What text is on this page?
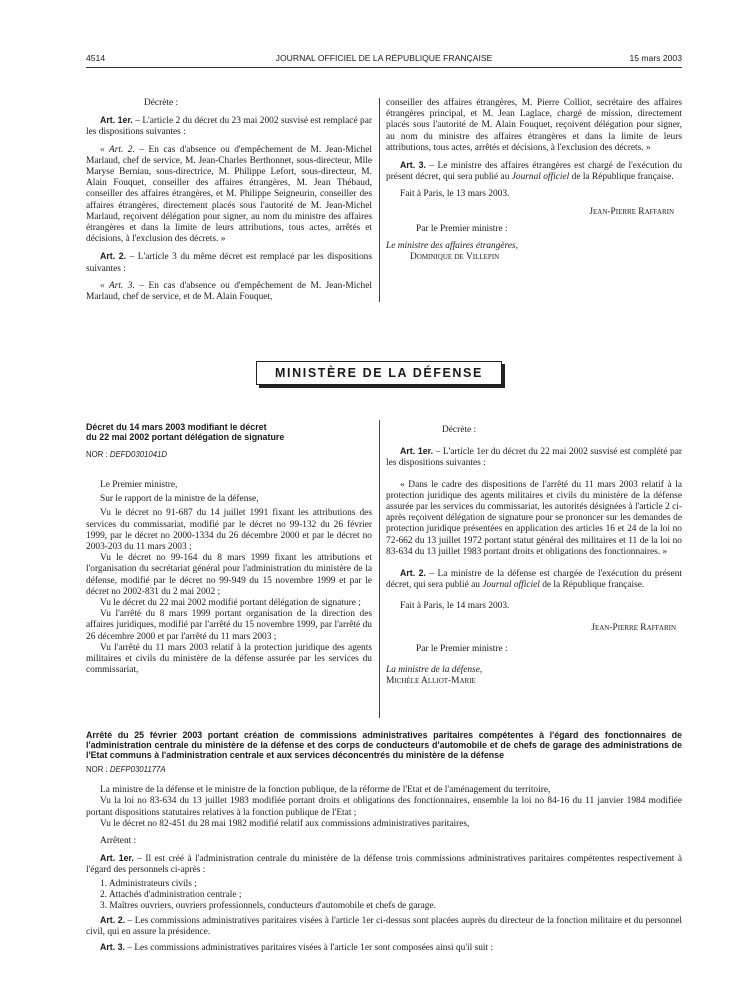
4514	JOURNAL OFFICIEL DE LA RÉPUBLIQUE FRANÇAISE	15 mars 2003

Décrète :

Art. 1er. – L'article 2 du décret du 23 mai 2002 susvisé est remplacé par les dispositions suivantes :

« Art. 2. – En cas d'absence ou d'empêchement de M. Jean-Michel Marlaud, chef de service, M. Jean-Charles Berthonnet, sous-directeur, Mlle Maryse Berniau, sous-directrice, M. Philippe Lefort, sous-directeur, M. Alain Fouquet, conseiller des affaires étrangères, M. Jean Thébaud, conseiller des affaires étrangères, et M. Philippe Seigneurin, conseiller des affaires étrangères, directement placés sous l'autorité de M. Jean-Michel Marlaud, reçoivent délégation pour signer, au nom du ministre des affaires étrangères et dans la limite de leurs attributions, tous actes, arrêtés et décisions, à l'exclusion des décrets. »

Art. 2. – L'article 3 du même décret est remplacé par les dispositions suivantes :

« Art. 3. – En cas d'absence ou d'empêchement de M. Jean-Michel Marlaud, chef de service, et de M. Alain Fouquet,

conseiller des affaires étrangères, M. Pierre Colliot, secrétaire des affaires étrangères principal, et M. Jean Laglace, chargé de mission, directement placés sous l'autorité de M. Alain Fouquet, reçoivent délégation pour signer, au nom du ministre des affaires étrangères et dans la limite de leurs attributions, tous actes, arrêtés et décisions, à l'exclusion des décrets. »

Art. 3. – Le ministre des affaires étrangères est chargé de l'exécution du présent décret, qui sera publié au Journal officiel de la République française.

Fait à Paris, le 13 mars 2003.

Jean-Pierre Raffarin

Par le Premier ministre :

Le ministre des affaires étrangères,

Dominique de Villepin

MINISTÈRE DE LA DÉFENSE

Décret du 14 mars 2003 modifiant le décret

du 22 mai 2002 portant délégation de signature

NOR : DEFD0301041D

Le Premier ministre,

Sur le rapport de la ministre de la défense,

Vu le décret no 91-687 du 14 juillet 1991 fixant les attributions des services du commissariat, modifié par le décret no 99-132 du 26 février 1999, par le décret no 2000-1334 du 26 décembre 2000 et par le décret no 2003-203 du 11 mars 2003 ;

Vu le décret no 99-164 du 8 mars 1999 fixant les attributions et l'organisation du secrétariat général pour l'administration du ministère de la défense, modifié par le décret no 99-949 du 15 novembre 1999 et par le décret no 2002-831 du 2 mai 2002 ;

Vu le décret du 22 mai 2002 modifié portant délégation de signature ;

Vu l'arrêté du 8 mars 1999 portant organisation de la direction des affaires juridiques, modifié par l'arrêté du 15 novembre 1999, par l'arrêté du 26 décembre 2000 et par l'arrêté du 11 mars 2003 ;

Vu l'arrêté du 11 mars 2003 relatif à la protection juridique des agents militaires et civils du ministère de la défense assurée par les services du commissariat,

Décrète :

Art. 1er. – L'article 1er du décret du 22 mai 2002 susvisé est complété par les dispositions suivantes :

« Dans le cadre des dispositions de l'arrêté du 11 mars 2003 relatif à la protection juridique des agents militaires et civils du ministère de la défense assurée par les services du commissariat, les autorités désignées à l'article 2 ci-après reçoivent délégation de signature pour se prononcer sur les demandes de protection juridique présentées en application des articles 16 et 24 de la loi no 72-662 du 13 juillet 1972 portant statut général des militaires et 11 de la loi no 83-634 du 13 juillet 1983 portant droits et obligations des fonctionnaires. »

Art. 2. – La ministre de la défense est chargée de l'exécution du présent décret, qui sera publié au Journal officiel de la République française.

Fait à Paris, le 14 mars 2003.

Jean-Pierre Raffarin

Par le Premier ministre :

La ministre de la défense,

Michèle Alliot-Marie

Arrêté du 25 février 2003 portant création de commissions administratives paritaires compétentes à l'égard des fonctionnaires de l'administration centrale du ministère de la défense et des corps de conducteurs d'automobile et de chefs de garage des administrations de l'Etat communs à l'administration centrale et aux services déconcentrés du ministère de la défense

NOR : DEFP0301177A

La ministre de la défense et le ministre de la fonction publique, de la réforme de l'Etat et de l'aménagement du territoire,

Vu la loi no 83-634 du 13 juillet 1983 modifiée portant droits et obligations des fonctionnaires, ensemble la loi no 84-16 du 11 janvier 1984 modifiée portant dispositions statutaires relatives à la fonction publique de l'Etat ;

Vu le décret no 82-451 du 28 mai 1982 modifié relatif aux commissions administratives paritaires,

Arrêtent :

Art. 1er. – Il est créé à l'administration centrale du ministère de la défense trois commissions administratives paritaires compétentes respectivement à l'égard des personnels ci-après :

1. Administrateurs civils ;

2. Attachés d'administration centrale ;

3. Maîtres ouvriers, ouvriers professionnels, conducteurs d'automobile et chefs de garage.

Art. 2. – Les commissions administratives paritaires visées à l'article 1er ci-dessus sont placées auprès du directeur de la fonction militaire et du personnel civil, qui en assure la présidence.

Art. 3. – Les commissions administratives paritaires visées à l'article 1er sont composées ainsi qu'il suit :
